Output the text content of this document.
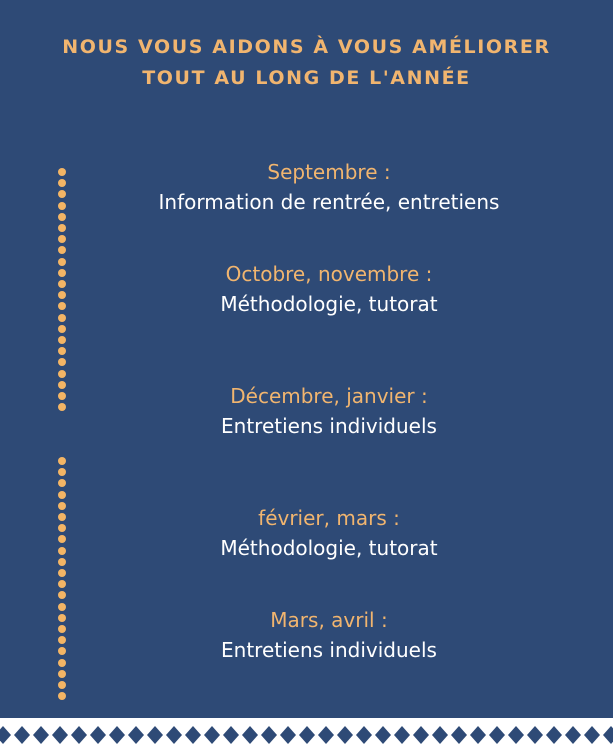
NOUS VOUS AIDONS À VOUS AMÉLIORER
TOUT AU LONG DE L'ANNÉE
Septembre :
Information de rentrée, entretiens
Octobre, novembre :
Méthodologie, tutorat
Décembre, janvier :
Entretiens individuels
février, mars :
Méthodologie, tutorat
Mars, avril :
Entretiens individuels
